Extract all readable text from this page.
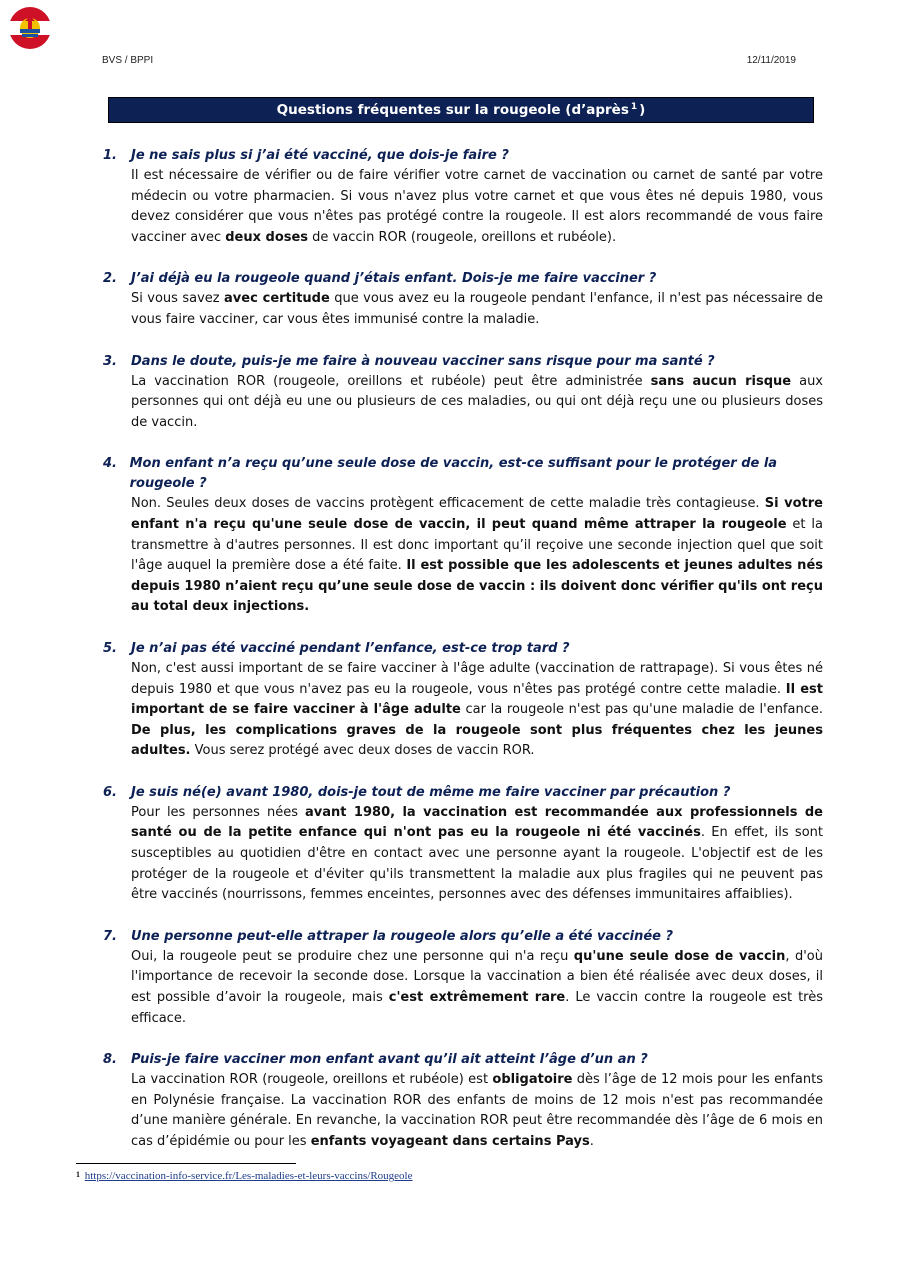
BVS / BPPI	12/11/2019
Questions fréquentes sur la rougeole (d’après$^1$ )
1.	Je ne sais plus si j’ai été vacciné, que dois-je faire ?
Il est nécessaire de vérifier ou de faire vérifier votre carnet de vaccination ou carnet de santé par votre médecin ou votre pharmacien. Si vous n'avez plus votre carnet et que vous êtes né depuis 1980, vous devez considérer que vous n'êtes pas protégé contre la rougeole. Il est alors recommandé de vous faire vacciner avec deux doses de vaccin ROR (rougeole, oreillons et rubéole).
2.	J’ai déjà eu la rougeole quand j’étais enfant. Dois-je me faire vacciner ?
Si vous savez avec certitude que vous avez eu la rougeole pendant l'enfance, il n'est pas nécessaire de vous faire vacciner, car vous êtes immunisé contre la maladie.
3.	Dans le doute, puis-je me faire à nouveau vacciner sans risque pour ma santé ?
La vaccination ROR (rougeole, oreillons et rubéole) peut être administrée sans aucun risque aux personnes qui ont déjà eu une ou plusieurs de ces maladies, ou qui ont déjà reçu une ou plusieurs doses de vaccin.
4. Mon enfant n’a reçu qu’une seule dose de vaccin, est-ce suffisant pour le protéger de la rougeole ?
Non. Seules deux doses de vaccins protègent efficacement de cette maladie très contagieuse. Si votre enfant n'a reçu qu'une seule dose de vaccin, il peut quand même attraper la rougeole et la transmettre à d'autres personnes. Il est donc important qu’il reçoive une seconde injection quel que soit l'âge auquel la première dose a été faite. Il est possible que les adolescents et jeunes adultes nés depuis 1980 n’aient reçu qu’une seule dose de vaccin : ils doivent donc vérifier qu'ils ont reçu au total deux injections.
5.	Je n’ai pas été vacciné pendant l’enfance, est-ce trop tard ?
Non, c'est aussi important de se faire vacciner à l'âge adulte (vaccination de rattrapage). Si vous êtes né depuis 1980 et que vous n'avez pas eu la rougeole, vous n'êtes pas protégé contre cette maladie. Il est important de se faire vacciner à l'âge adulte car la rougeole n'est pas qu'une maladie de l'enfance. De plus, les complications graves de la rougeole sont plus fréquentes chez les jeunes adultes. Vous serez protégé avec deux doses de vaccin ROR.
6.	Je suis né(e) avant 1980, dois-je tout de même me faire vacciner par précaution ?
Pour les personnes nées avant 1980, la vaccination est recommandée aux professionnels de santé ou de la petite enfance qui n'ont pas eu la rougeole ni été vaccinés. En effet, ils sont susceptibles au quotidien d'être en contact avec une personne ayant la rougeole. L'objectif est de les protéger de la rougeole et d'éviter qu'ils transmettent la maladie aux plus fragiles qui ne peuvent pas être vaccinés (nourrissons, femmes enceintes, personnes avec des défenses immunitaires affaiblies).
7.	Une personne peut-elle attraper la rougeole alors qu’elle a été vaccinée ?
Oui, la rougeole peut se produire chez une personne qui n'a reçu qu'une seule dose de vaccin, d'où l'importance de recevoir la seconde dose. Lorsque la vaccination a bien été réalisée avec deux doses, il est possible d’avoir la rougeole, mais c'est extrêmement rare. Le vaccin contre la rougeole est très efficace.
8.	Puis-je faire vacciner mon enfant avant qu’il ait atteint l’âge d’un an ?
La vaccination ROR (rougeole, oreillons et rubéole) est obligatoire dès l’âge de 12 mois pour les enfants en Polynésie française. La vaccination ROR des enfants de moins de 12 mois n'est pas recommandée d’une manière générale. En revanche, la vaccination ROR peut être recommandée dès l’âge de 6 mois en cas d’épidémie ou pour les enfants voyageant dans certains Pays.
$^1$ https://vaccination-info-service.fr/Les-maladies-et-leurs-vaccins/Rougeole
